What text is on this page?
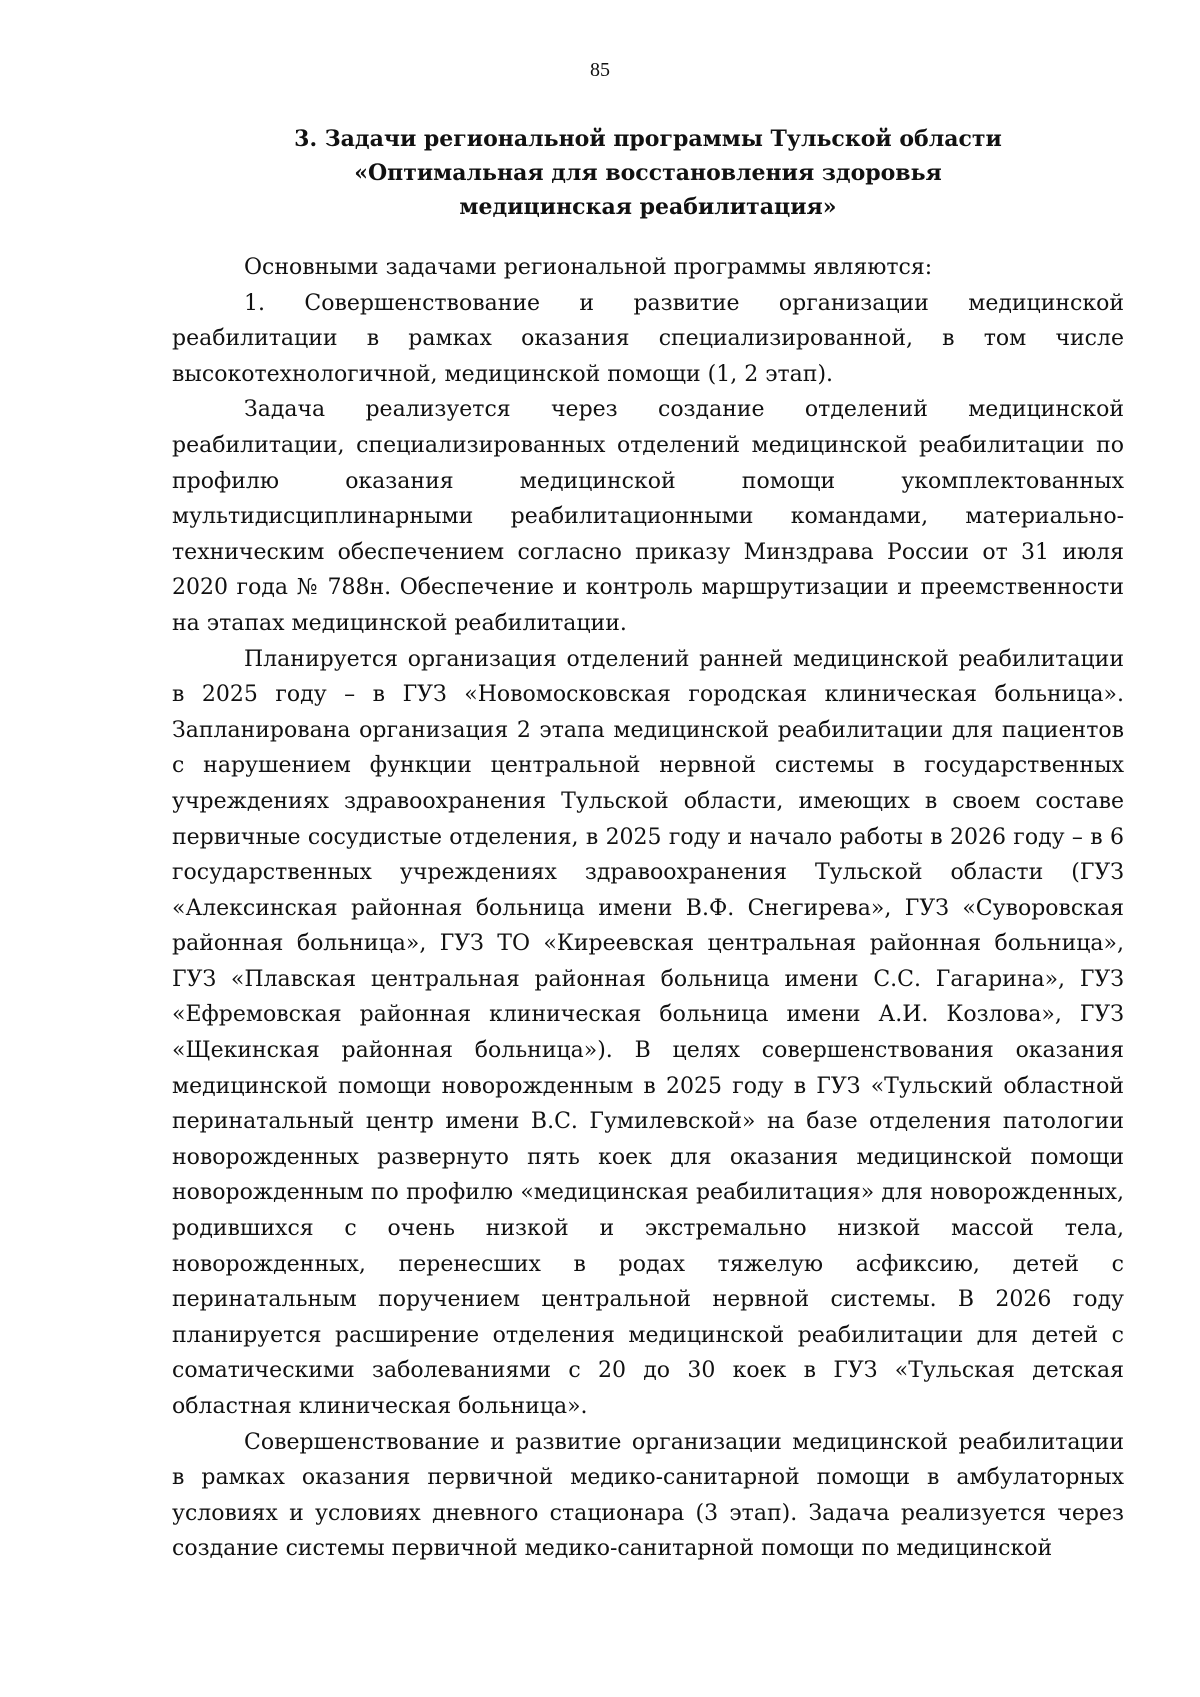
85
3. Задачи региональной программы Тульской области
«Оптимальная для восстановления здоровья
медицинская реабилитация»

Основными задачами региональной программы являются:

1. Совершенствование и развитие организации медицинской реабилитации в рамках оказания специализированной, в том числе высокотехнологичной, медицинской помощи (1, 2 этап).

Задача реализуется через создание отделений медицинской реабилитации, специализированных отделений медицинской реабилитации по профилю оказания медицинской помощи укомплектованных мультидисциплинарными реабилитационными командами, материально-техническим обеспечением согласно приказу Минздрава России от 31 июля 2020 года № 788н. Обеспечение и контроль маршрутизации и преемственности на этапах медицинской реабилитации.

Планируется организация отделений ранней медицинской реабилитации в 2025 году – в ГУЗ «Новомосковская городская клиническая больница». Запланирована организация 2 этапа медицинской реабилитации для пациентов с нарушением функции центральной нервной системы в государственных учреждениях здравоохранения Тульской области, имеющих в своем составе первичные сосудистые отделения, в 2025 году и начало работы в 2026 году – в 6 государственных учреждениях здравоохранения Тульской области (ГУЗ «Алексинская районная больница имени В.Ф. Снегирева», ГУЗ «Суворовская районная больница», ГУЗ ТО «Киреевская центральная районная больница», ГУЗ «Плавская центральная районная больница имени С.С. Гагарина», ГУЗ «Ефремовская районная клиническая больница имени А.И. Козлова», ГУЗ «Щекинская районная больница»). В целях совершенствования оказания медицинской помощи новорожденным в 2025 году в ГУЗ «Тульский областной перинатальный центр имени В.С. Гумилевской» на базе отделения патологии новорожденных развернуто пять коек для оказания медицинской помощи новорожденным по профилю «медицинская реабилитация» для новорожденных, родившихся с очень низкой и экстремально низкой массой тела, новорожденных, перенесших в родах тяжелую асфиксию, детей с перинатальным поручением центральной нервной системы. В 2026 году планируется расширение отделения медицинской реабилитации для детей с соматическими заболеваниями с 20 до 30 коек в ГУЗ «Тульская детская областная клиническая больница».

Совершенствование и развитие организации медицинской реабилитации в рамках оказания первичной медико-санитарной помощи в амбулаторных условиях и условиях дневного стационара (3 этап). Задача реализуется через создание системы первичной медико-санитарной помощи по медицинской
